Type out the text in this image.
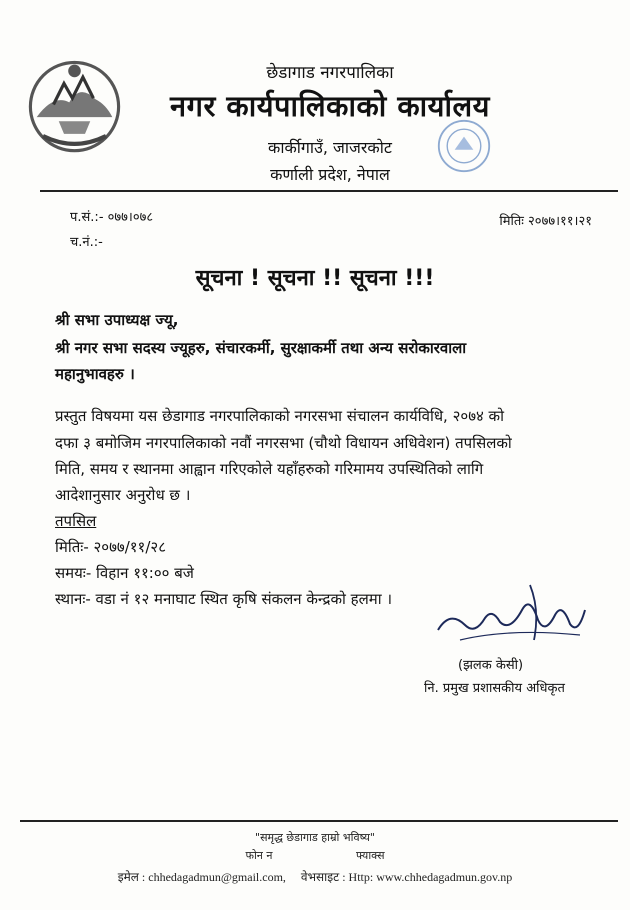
छेडागाड नगरपालिका
नगर कार्यपालिकाको कार्यालय
कार्कीगाउँ, जाजरकोट
कर्णाली प्रदेश, नेपाल
प.सं.:- ०७७।०७८	मितिः २०७७।११।२१
च.नं.:-
सूचना ! सूचना !! सूचना !!!
श्री सभा उपाध्यक्ष ज्यू,
श्री नगर सभा सदस्य ज्यूहरु, संचारकर्मी, सुरक्षाकर्मी तथा अन्य सरोकारवाला
महानुभावहरु ।
प्रस्तुत विषयमा यस छेडागाड नगरपालिकाको नगरसभा संचालन कार्यविधि, २०७४ को
दफा ३ बमोजिम नगरपालिकाको नवौं नगरसभा (चौथो विधायन अधिवेशन) तपसिलको
मिति, समय र स्थानमा आह्वान गरिएकोले यहाँहरुको गरिमामय उपस्थितिको लागि
आदेशानुसार अनुरोध छ ।
तपसिल
मितिः- २०७७/११/२८
समयः- विहान ११:०० बजे
स्थानः- वडा नं १२ मनाघाट स्थित कृषि संकलन केन्द्रको हलमा ।
(झलक केसी)
नि. प्रमुख प्रशासकीय अधिकृत
"समृद्ध छेडागाड हाम्रो भविष्य"
फोन न	फ्याक्स
इमेल : chhedagadmun@gmail.com, वेभसाइट : Http: www.chhedagadmun.gov.np
